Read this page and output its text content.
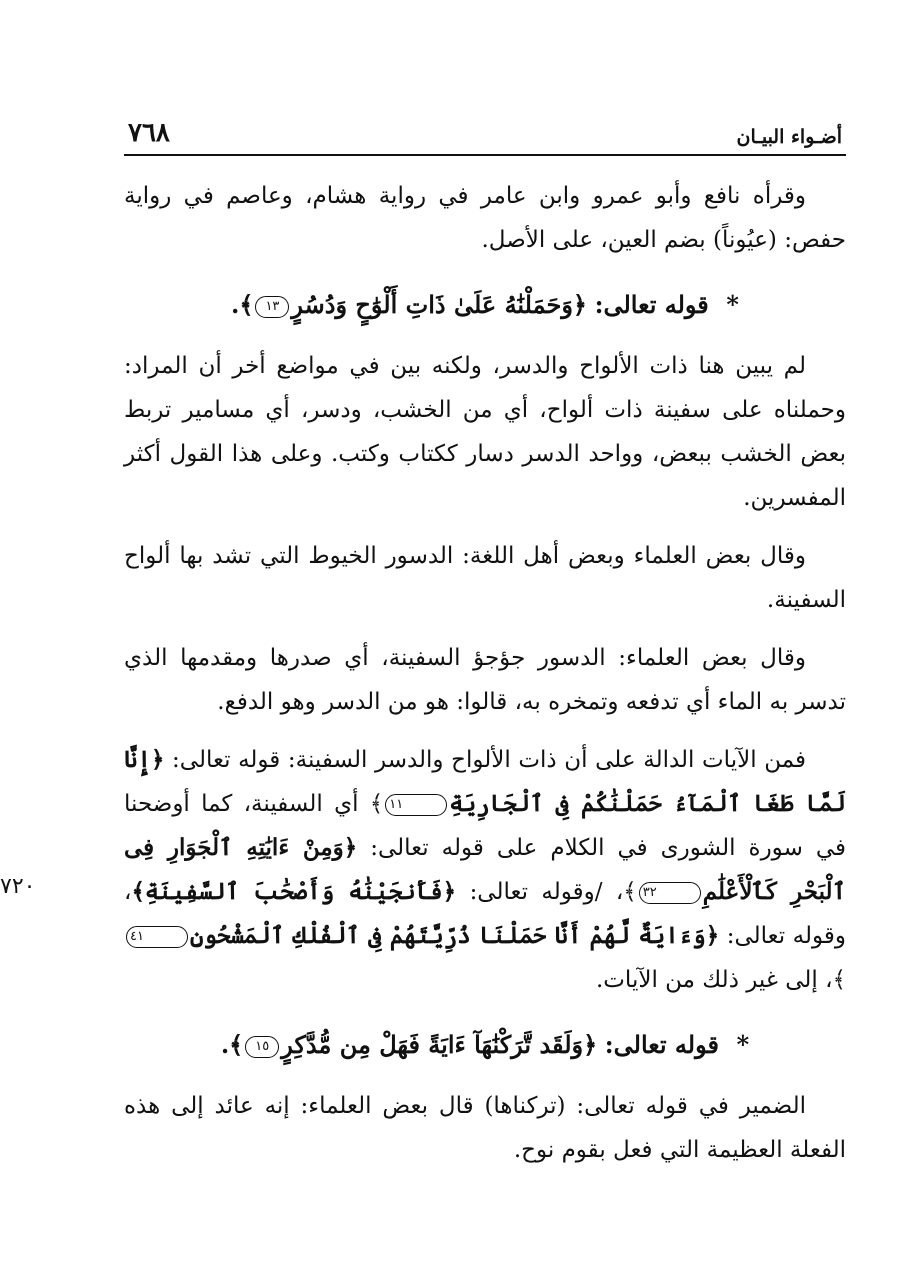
أضـواء البيـان
٧٦٨
٧٢٠

وقرأه نافع وأبو عمرو وابن عامر في رواية هشام، وعاصم في رواية حفص: (عيُوناً) بضم العين، على الأصل.

* قوله تعالى: ﴿وَحَمَلْنَٰهُ عَلَىٰ ذَاتِ أَلْوَٰحٍ وَدُسُرٍ١٣﴾.

لم يبين هنا ذات الألواح والدسر، ولكنه بين في مواضع أخر أن المراد: وحملناه على سفينة ذات ألواح، أي من الخشب، ودسر، أي مسامير تربط بعض الخشب ببعض، وواحد الدسر دسار ككتاب وكتب. وعلى هذا القول أكثر المفسرين.

وقال بعض العلماء وبعض أهل اللغة: الدسور الخيوط التي تشد بها ألواح السفينة.

وقال بعض العلماء: الدسور جؤجؤ السفينة، أي صدرها ومقدمها الذي تدسر به الماء أي تدفعه وتمخره به، قالوا: هو من الدسر وهو الدفع.

فمن الآيات الدالة على أن ذات الألواح والدسر السفينة: قوله تعالى: ﴿إِنَّا لَمَّا طَغَا ٱلْمَآءُ حَمَلْنَٰكُمْ فِى ٱلْجَارِيَةِ١١﴾ أي السفينة، كما أوضحنا في سورة الشورى في الكلام على قوله تعالى: ﴿وَمِنْ ءَايَٰتِهِ ٱلْجَوَارِ فِى ٱلْبَحْرِ كَٱلْأَعْلَٰمِ٣٢﴾، /وقوله تعالى: ﴿فَأَنجَيْنَٰهُ وَأَصْحَٰبَ ٱلسَّفِينَةِ﴾، وقوله تعالى: ﴿وَءَايَةٌ لَّهُمْ أَنَّا حَمَلْنَا ذُرِّيَّتَهُمْ فِى ٱلْفُلْكِ ٱلْمَشْحُونِ٤١﴾، إلى غير ذلك من الآيات.

* قوله تعالى: ﴿وَلَقَد تَّرَكْنَٰهَآ ءَايَةً فَهَلْ مِن مُّدَّكِرٍ١٥﴾.

الضمير في قوله تعالى: (تركناها) قال بعض العلماء: إنه عائد إلى هذه الفعلة العظيمة التي فعل بقوم نوح.
